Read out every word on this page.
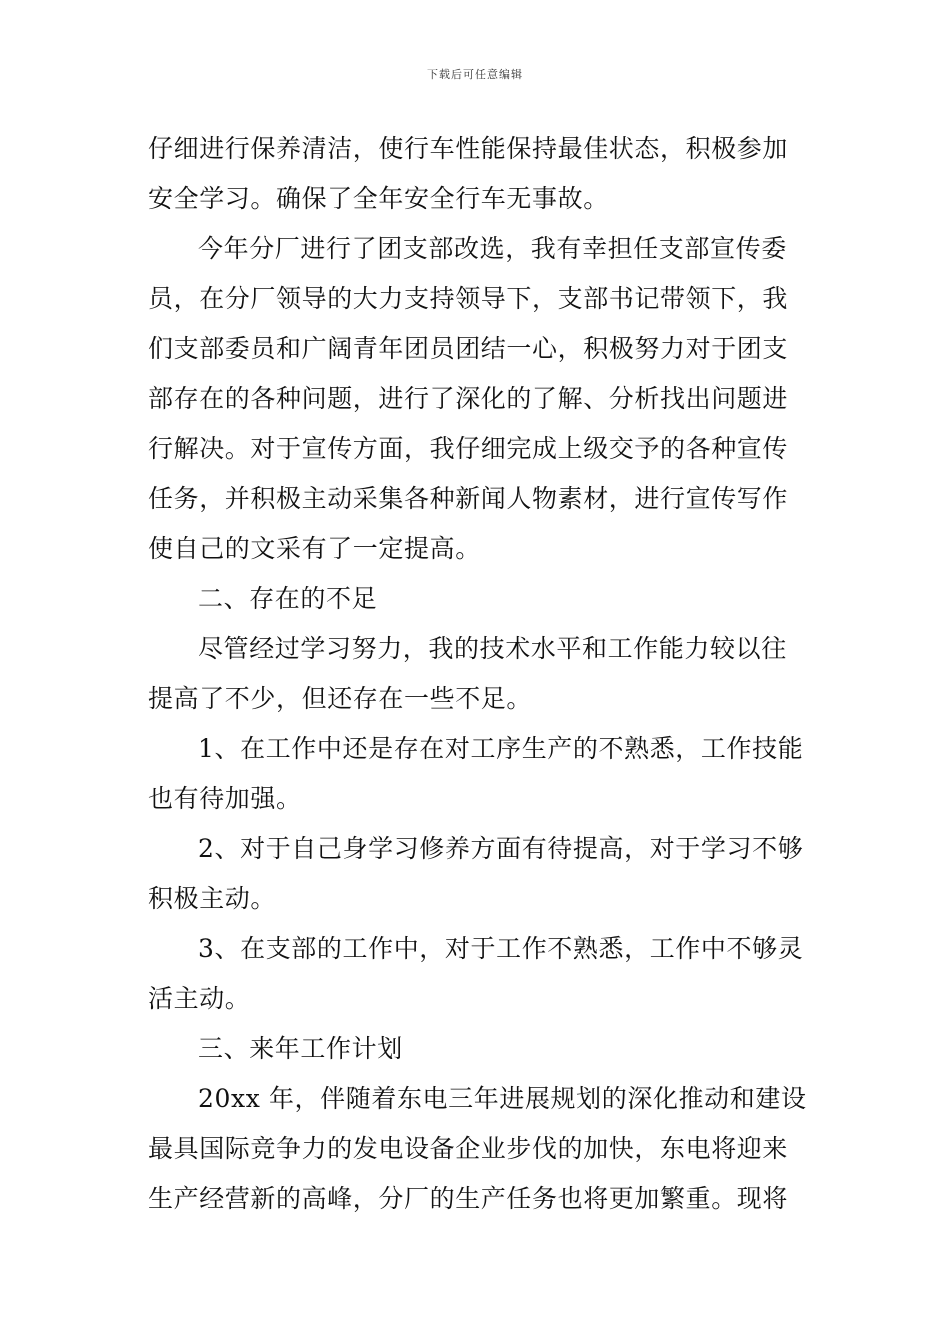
下载后可任意编辑
仔细进行保养清洁，使行车性能保持最佳状态，积极参加
安全学习。确保了全年安全行车无事故。
今年分厂进行了团支部改选，我有幸担任支部宣传委
员，在分厂领导的大力支持领导下，支部书记带领下，我
们支部委员和广阔青年团员团结一心，积极努力对于团支
部存在的各种问题，进行了深化的了解、分析找出问题进
行解决。对于宣传方面，我仔细完成上级交予的各种宣传
任务，并积极主动采集各种新闻人物素材，进行宣传写作
使自己的文采有了一定提高。
二、存在的不足
尽管经过学习努力，我的技术水平和工作能力较以往
提高了不少，但还存在一些不足。
1、在工作中还是存在对工序生产的不熟悉，工作技能
也有待加强。
2、对于自己身学习修养方面有待提高，对于学习不够
积极主动。
3、在支部的工作中，对于工作不熟悉，工作中不够灵
活主动。
三、来年工作计划
20xx 年，伴随着东电三年进展规划的深化推动和建设
最具国际竞争力的发电设备企业步伐的加快，东电将迎来
生产经营新的高峰，分厂的生产任务也将更加繁重。现将
